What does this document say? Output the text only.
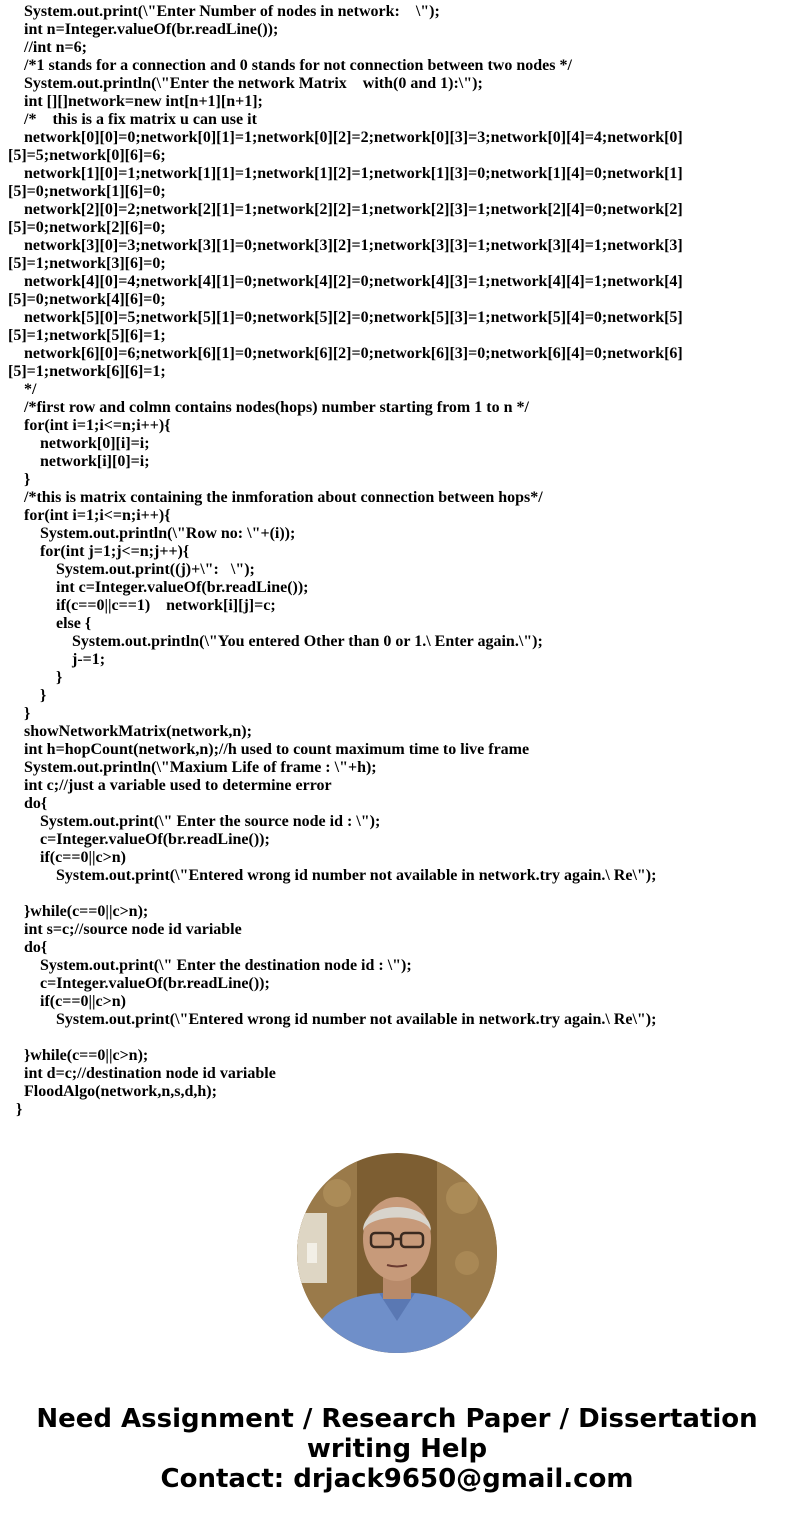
System.out.print(\"Enter Number of nodes in network:    \");
int n=Integer.valueOf(br.readLine());
//int n=6;
/*1 stands for a connection and 0 stands for not connection between two nodes */
System.out.println(\"Enter the network Matrix    with(0 and 1):\");
int [][]network=new int[n+1][n+1];
/*    this is a fix matrix u can use it
network[0][0]=0;network[0][1]=1;network[0][2]=2;network[0][3]=3;network[0][4]=4;network[0]
[5]=5;network[0][6]=6;
network[1][0]=1;network[1][1]=1;network[1][2]=1;network[1][3]=0;network[1][4]=0;network[1]
[5]=0;network[1][6]=0;
network[2][0]=2;network[2][1]=1;network[2][2]=1;network[2][3]=1;network[2][4]=0;network[2]
[5]=0;network[2][6]=0;
network[3][0]=3;network[3][1]=0;network[3][2]=1;network[3][3]=1;network[3][4]=1;network[3]
[5]=1;network[3][6]=0;
network[4][0]=4;network[4][1]=0;network[4][2]=0;network[4][3]=1;network[4][4]=1;network[4]
[5]=0;network[4][6]=0;
network[5][0]=5;network[5][1]=0;network[5][2]=0;network[5][3]=1;network[5][4]=0;network[5]
[5]=1;network[5][6]=1;
network[6][0]=6;network[6][1]=0;network[6][2]=0;network[6][3]=0;network[6][4]=0;network[6]
[5]=1;network[6][6]=1;
*/
/*first row and colmn contains nodes(hops) number starting from 1 to n */
for(int i=1;i<=n;i++){
network[0][i]=i;
network[i][0]=i;
}
/*this is matrix containing the inmforation about connection between hops*/
for(int i=1;i<=n;i++){
System.out.println(\"Row no: \"+(i));
for(int j=1;j<=n;j++){
System.out.print((j)+\":   \");
int c=Integer.valueOf(br.readLine());
if(c==0||c==1)    network[i][j]=c;
else {
System.out.println(\"You entered Other than 0 or 1.\ Enter again.\");
j-=1;
}
}
}
showNetworkMatrix(network,n);
int h=hopCount(network,n);//h used to count maximum time to live frame
System.out.println(\"Maxium Life of frame : \"+h);
int c;//just a variable used to determine error
do{
System.out.print(\" Enter the source node id : \");
c=Integer.valueOf(br.readLine());
if(c==0||c>n)
System.out.print(\"Entered wrong id number not available in network.try again.\ Re\");
}while(c==0||c>n);
int s=c;//source node id variable
do{
System.out.print(\" Enter the destination node id : \");
c=Integer.valueOf(br.readLine());
if(c==0||c>n)
System.out.print(\"Entered wrong id number not available in network.try again.\ Re\");
}while(c==0||c>n);
int d=c;//destination node id variable
FloodAlgo(network,n,s,d,h);
}
Need Assignment / Research Paper / Dissertation
writing Help
Contact: drjack9650@gmail.com
